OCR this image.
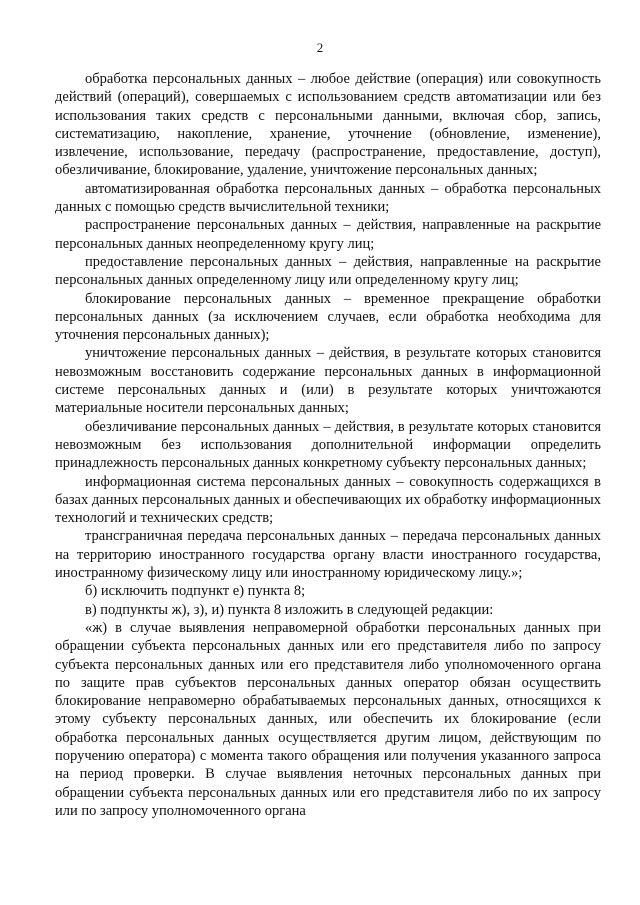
2

обработка персональных данных – любое действие (операция) или совокупность действий (операций), совершаемых с использованием средств автоматизации или без использования таких средств с персональными данными, включая сбор, запись, систематизацию, накопление, хранение, уточнение (обновление, изменение), извлечение, использование, передачу (распространение, предоставление, доступ), обезличивание, блокирование, удаление, уничтожение персональных данных;

автоматизированная обработка персональных данных – обработка персональных данных с помощью средств вычислительной техники;

распространение персональных данных – действия, направленные на раскрытие персональных данных неопределенному кругу лиц;

предоставление персональных данных – действия, направленные на раскрытие персональных данных определенному лицу или определенному кругу лиц;

блокирование персональных данных – временное прекращение обработки персональных данных (за исключением случаев, если обработка необходима для уточнения персональных данных);

уничтожение персональных данных – действия, в результате которых становится невозможным восстановить содержание персональных данных в информационной системе персональных данных и (или) в результате которых уничтожаются материальные носители персональных данных;

обезличивание персональных данных – действия, в результате которых становится невозможным без использования дополнительной информации определить принадлежность персональных данных конкретному субъекту персональных данных;

информационная система персональных данных – совокупность содержащихся в базах данных персональных данных и обеспечивающих их обработку информационных технологий и технических средств;

трансграничная передача персональных данных – передача персональных данных на территорию иностранного государства органу власти иностранного государства, иностранному физическому лицу или иностранному юридическому лицу.»;

б) исключить подпункт е) пункта 8;

в) подпункты ж), з), и) пункта 8 изложить в следующей редакции:

«ж) в случае выявления неправомерной обработки персональных данных при обращении субъекта персональных данных или его представителя либо по запросу субъекта персональных данных или его представителя либо уполномоченного органа по защите прав субъектов персональных данных оператор обязан осуществить блокирование неправомерно обрабатываемых персональных данных, относящихся к этому субъекту персональных данных, или обеспечить их блокирование (если обработка персональных данных осуществляется другим лицом, действующим по поручению оператора) с момента такого обращения или получения указанного запроса на период проверки. В случае выявления неточных персональных данных при обращении субъекта персональных данных или его представителя либо по их запросу или по запросу уполномоченного органа
